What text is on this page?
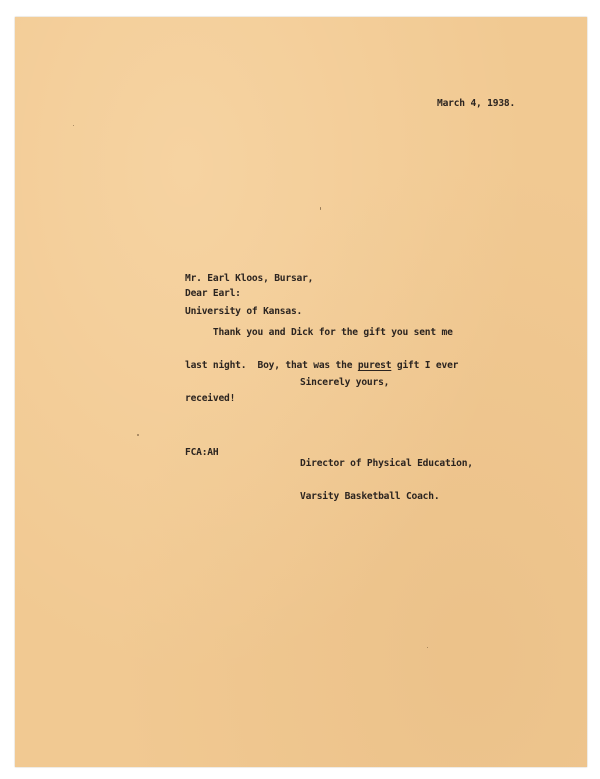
March 4, 1938.

Mr. Earl Kloos, Bursar,

University of Kansas.

Dear Earl:

Thank you and Dick for the gift you sent me

last night.  Boy, that was the purest gift I ever

received!

Sincerely yours,

Director of Physical Education,

Varsity Basketball Coach.

FCA:AH
